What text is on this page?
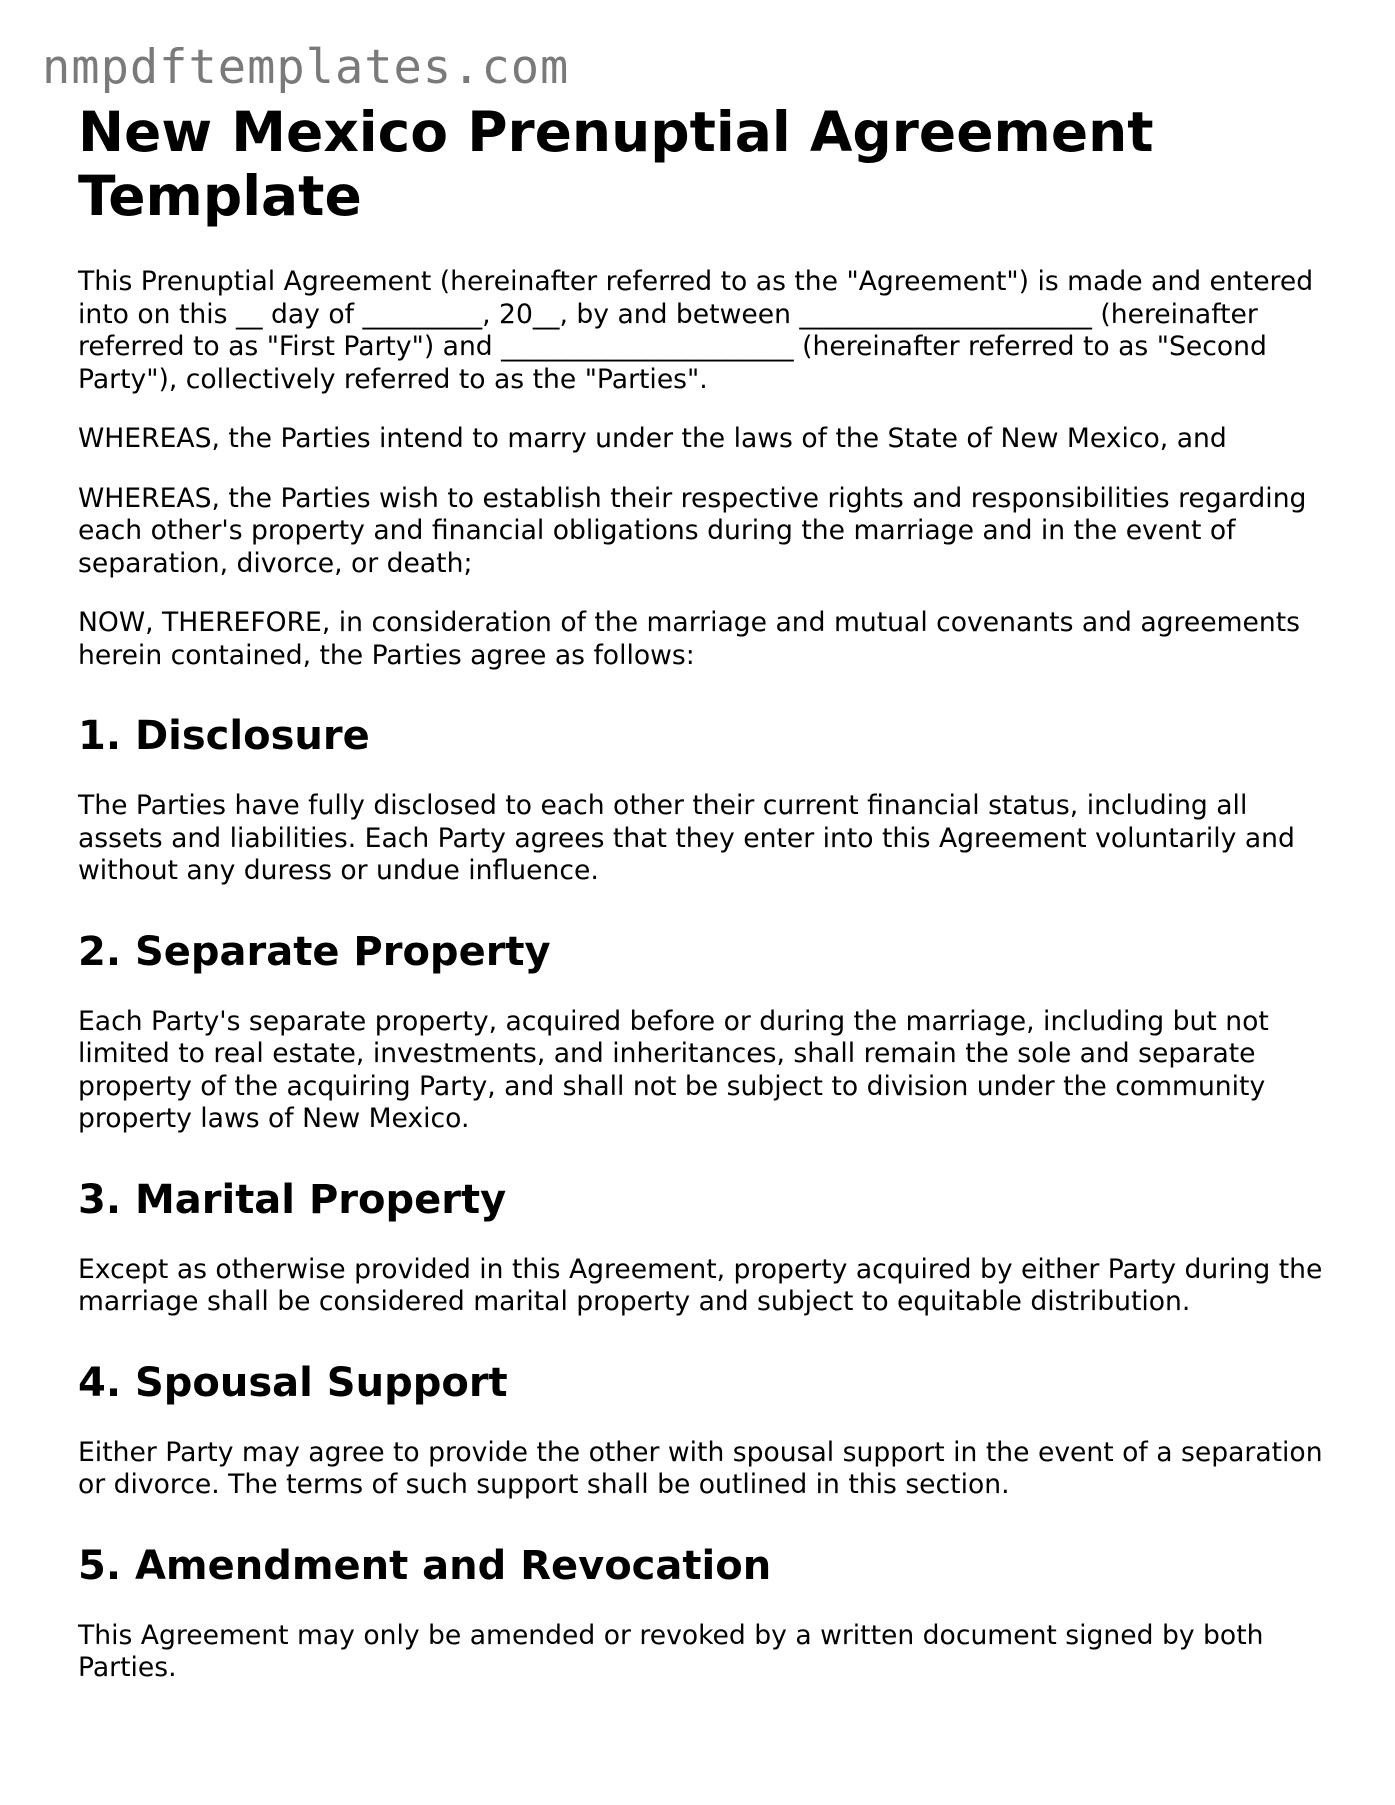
nmpdftemplates.com
New Mexico Prenuptial Agreement Template

This Prenuptial Agreement (hereinafter referred to as the "Agreement") is made and entered into on this __ day of _________, 20__, by and between ______________________ (hereinafter referred to as "First Party") and ______________________ (hereinafter referred to as "Second Party"), collectively referred to as the "Parties".

WHEREAS, the Parties intend to marry under the laws of the State of New Mexico, and

WHEREAS, the Parties wish to establish their respective rights and responsibilities regarding each other's property and financial obligations during the marriage and in the event of separation, divorce, or death;

NOW, THEREFORE, in consideration of the marriage and mutual covenants and agreements herein contained, the Parties agree as follows:

1. Disclosure

The Parties have fully disclosed to each other their current financial status, including all assets and liabilities. Each Party agrees that they enter into this Agreement voluntarily and without any duress or undue influence.

2. Separate Property

Each Party's separate property, acquired before or during the marriage, including but not limited to real estate, investments, and inheritances, shall remain the sole and separate property of the acquiring Party, and shall not be subject to division under the community property laws of New Mexico.

3. Marital Property

Except as otherwise provided in this Agreement, property acquired by either Party during the marriage shall be considered marital property and subject to equitable distribution.

4. Spousal Support

Either Party may agree to provide the other with spousal support in the event of a separation or divorce. The terms of such support shall be outlined in this section.

5. Amendment and Revocation

This Agreement may only be amended or revoked by a written document signed by both Parties.
